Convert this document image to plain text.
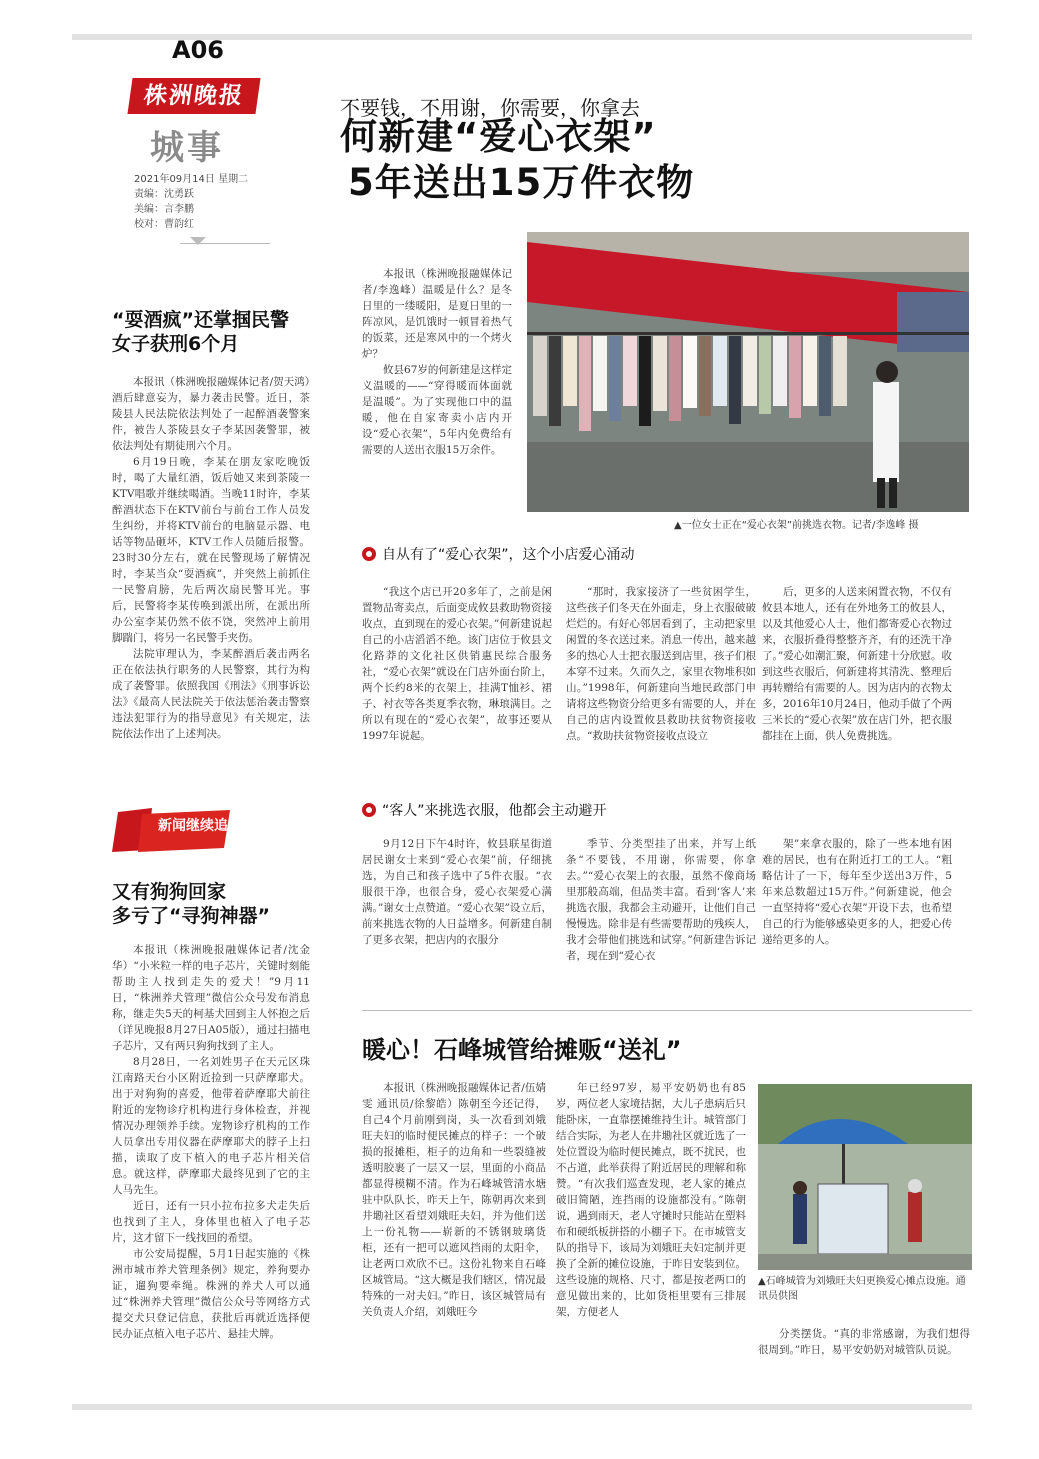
A06
株洲晚报
城事
2021年09月14日 星期二
责编：沈勇跃
美编：言李鹏
校对：曹韵红
不要钱，不用谢，你需要，你拿去
何新建“爱心衣架”
5年送出15万件衣物

本报讯（株洲晚报融媒体记者/李逸峰）温暖是什么？是冬日里的一缕暖阳，是夏日里的一阵凉风，是饥饿时一顿冒着热气的饭菜，还是寒风中的一个烤火炉？

攸县67岁的何新建是这样定义温暖的——“穿得暖而体面就是温暖”。为了实现他口中的温暖，他在自家寄卖小店内开设“爱心衣架”，5年内免费给有需要的人送出衣服15万余件。

▲一位女士正在“爱心衣架”前挑选衣物。记者/李逸峰 摄
自从有了“爱心衣架”，这个小店爱心涌动
“我这个店已开20多年了，之前是闲置物品寄卖点，后面变成攸县救助物资接收点，直到现在的爱心衣架。”何新建说起自己的小店滔滔不绝。该门店位于攸县文化路莽的文化社区供销惠民综合服务社，“爱心衣架”就设在门店外面台阶上，两个长约8米的衣架上，挂满T恤衫、裙子、衬衣等各类夏季衣物，琳琅满目。之所以有现在的“爱心衣架”，故事还要从1997年说起。
“那时，我家接济了一些贫困学生，这些孩子们冬天在外面走，身上衣服破破烂烂的。有好心邻居看到了，主动把家里闲置的冬衣送过来。消息一传出，越来越多的热心人士把衣服送到店里，孩子们根本穿不过来。久而久之，家里衣物堆积如山。”1998年，何新建向当地民政部门申请将这些物资分给更多有需要的人，并在自己的店内设置攸县救助扶贫物资接收点。“救助扶贫物资接收点设立
后，更多的人送来闲置衣物，不仅有攸县本地人，还有在外地务工的攸县人，以及其他爱心人士，他们都寄爱心衣物过来，衣服折叠得整整齐齐，有的还洗干净了。”爱心如潮汇聚，何新建十分欣慰。收到这些衣服后，何新建将其清洗、整理后再转赠给有需要的人。因为店内的衣物太多，2016年10月24日，他动手做了个两三米长的“爱心衣架”放在店门外，把衣服都挂在上面，供人免费挑选。
“客人”来挑选衣服，他都会主动避开
9月12日下午4时许，攸县联星街道居民谢女士来到“爱心衣架”前，仔细挑选，为自己和孩子选中了5件衣服。“衣服很干净，也很合身，爱心衣架爱心满满。”谢女士点赞道。“爱心衣架”设立后，前来挑选衣物的人日益增多。何新建自制了更多衣架，把店内的衣服分
季节、分类型挂了出来，并写上纸条“不要钱，不用谢，你需要，你拿去。”“爱心衣架上的衣服，虽然不像商场里那般高端，但品类丰富。看到‘客人’来挑选衣服，我都会主动避开，让他们自己慢慢选。除非是有些需要帮助的残疾人，我才会带他们挑选和试穿。”何新建告诉记者，现在到“爱心衣
架”来拿衣服的，除了一些本地有困难的居民，也有在附近打工的工人。“粗略估计了一下，每年至少送出3万件，5年来总数超过15万件。”何新建说，他会一直坚持将“爱心衣架”开设下去，也希望自己的行为能够感染更多的人，把爱心传递给更多的人。
“耍酒疯”还掌掴民警
女子获刑6个月

本报讯（株洲晚报融媒体记者/贺天鸿）酒后肆意妄为，暴力袭击民警。近日，茶陵县人民法院依法判处了一起醉酒袭警案件，被告人茶陵县女子李某因袭警罪，被依法判处有期徒刑六个月。

6月19日晚，李某在朋友家吃晚饭时，喝了大量红酒，饭后她又来到茶陵一KTV唱歌并继续喝酒。当晚11时许，李某醉酒状态下在KTV前台与前台工作人员发生纠纷，并将KTV前台的电脑显示器、电话等物品砸坏，KTV工作人员随后报警。23时30分左右，就在民警现场了解情况时，李某当众“耍酒疯”，并突然上前抓住一民警肩膀，先后两次扇民警耳光。事后，民警将李某传唤到派出所，在派出所办公室李某仍然不依不饶，突然冲上前用脚踹门，将另一名民警手夹伤。

法院审理认为，李某醉酒后袭击两名正在依法执行职务的人民警察，其行为构成了袭警罪。依照我国《刑法》《刑事诉讼法》《最高人民法院关于依法惩治袭击警察违法犯罪行为的指导意见》有关规定，法院依法作出了上述判决。

新闻继续追
又有狗狗回家
多亏了“寻狗神器”

本报讯（株洲晚报融媒体记者/沈金华）“小米粒一样的电子芯片，关键时刻能帮助主人找到走失的爱犬！”9月11日，“株洲养犬管理”微信公众号发布消息称，继走失5天的柯基犬回到主人怀抱之后（详见晚报8月27日A05版），通过扫描电子芯片，又有两只狗狗找到了主人。

8月28日，一名刘姓男子在天元区珠江南路天台小区附近捡到一只萨摩耶犬。出于对狗狗的喜爱，他带着萨摩耶犬前往附近的宠物诊疗机构进行身体检查，并视情况办理领养手续。宠物诊疗机构的工作人员拿出专用仪器在萨摩耶犬的脖子上扫描，读取了皮下植入的电子芯片相关信息。就这样，萨摩耶犬最终见到了它的主人马先生。

近日，还有一只小拉布拉多犬走失后也找到了主人，身体里也植入了电子芯片，这才留下一线找回的希望。

市公安局提醒，5月1日起实施的《株洲市城市养犬管理条例》规定，养狗要办证，遛狗要牵绳。株洲的养犬人可以通过“株洲养犬管理”微信公众号等网络方式提交犬只登记信息，获批后再就近选择便民办证点植入电子芯片、悬挂犬牌。

暖心！石峰城管给摊贩“送礼”
本报讯（株洲晚报融媒体记者/伍婧雯 通讯员/徐黎皓）陈朝至今还记得，自己4个月前刚到岗，头一次看到刘娥旺夫妇的临时便民摊点的样子：一个破损的报摊柜，柜子的边角和一些裂缝被透明胶裹了一层又一层，里面的小商品都显得模糊不清。作为石峰城管清水塘驻中队队长，昨天上午，陈朝再次来到井墈社区看望刘娥旺夫妇，并为他们送上一份礼物——崭新的不锈钢玻璃货柜，还有一把可以遮风挡雨的太阳伞，让老两口欢欣不已。这份礼物来自石峰区城管局。“这大概是我们辖区，情况最特殊的一对夫妇。”昨日，该区城管局有关负责人介绍，刘娥旺今
年已经97岁，易平安奶奶也有85岁，两位老人家境拮据，大儿子患病后只能卧床，一直靠摆摊维持生计。城管部门结合实际，为老人在井墈社区就近选了一处位置设为临时便民摊点，既不扰民，也不占道，此举获得了附近居民的理解和称赞。“有次我们巡查发现，老人家的摊点破旧简陋，连挡雨的设施都没有。”陈朝说，遇到雨天，老人守摊时只能站在塑料布和硬纸板拼搭的小棚子下。在市城管支队的指导下，该局为刘娥旺夫妇定制并更换了全新的摊位设施，于昨日安装到位。这些设施的规格、尺寸，都是按老两口的意见做出来的，比如货柜里要有三排展架，方便老人
分类摆货。“真的非常感谢，为我们想得很周到。”昨日，易平安奶奶对城管队员说。
▲石峰城管为刘娥旺夫妇更换爱心摊点设施。通讯员供图
